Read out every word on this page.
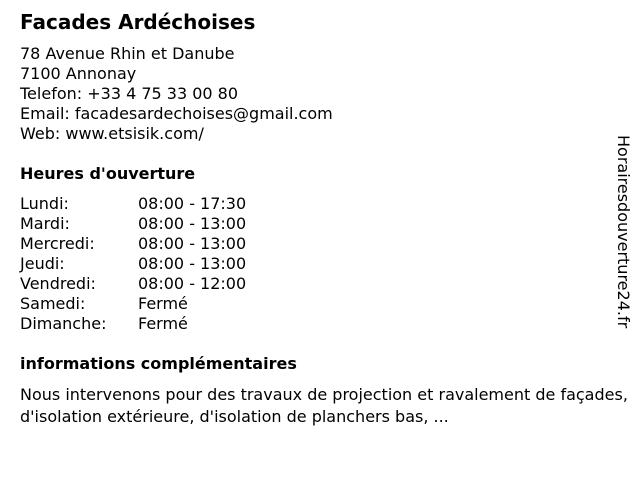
Facades Ardéchoises
78 Avenue Rhin et Danube
7100 Annonay
Telefon: +33 4 75 33 00 80
Email: facadesardechoises@gmail.com
Web: www.etsisik.com/
Heures d'ouverture
Lundi:	08:00 - 17:30
Mardi:	08:00 - 13:00
Mercredi:	08:00 - 13:00
Jeudi:	08:00 - 13:00
Vendredi:	08:00 - 12:00
Samedi:	Fermé
Dimanche: Fermé
informations complémentaires
Nous intervenons pour des travaux de projection et ravalement de façades, d'isolation extérieure, d'isolation de planchers bas, ...
Horairesdouverture24.fr
